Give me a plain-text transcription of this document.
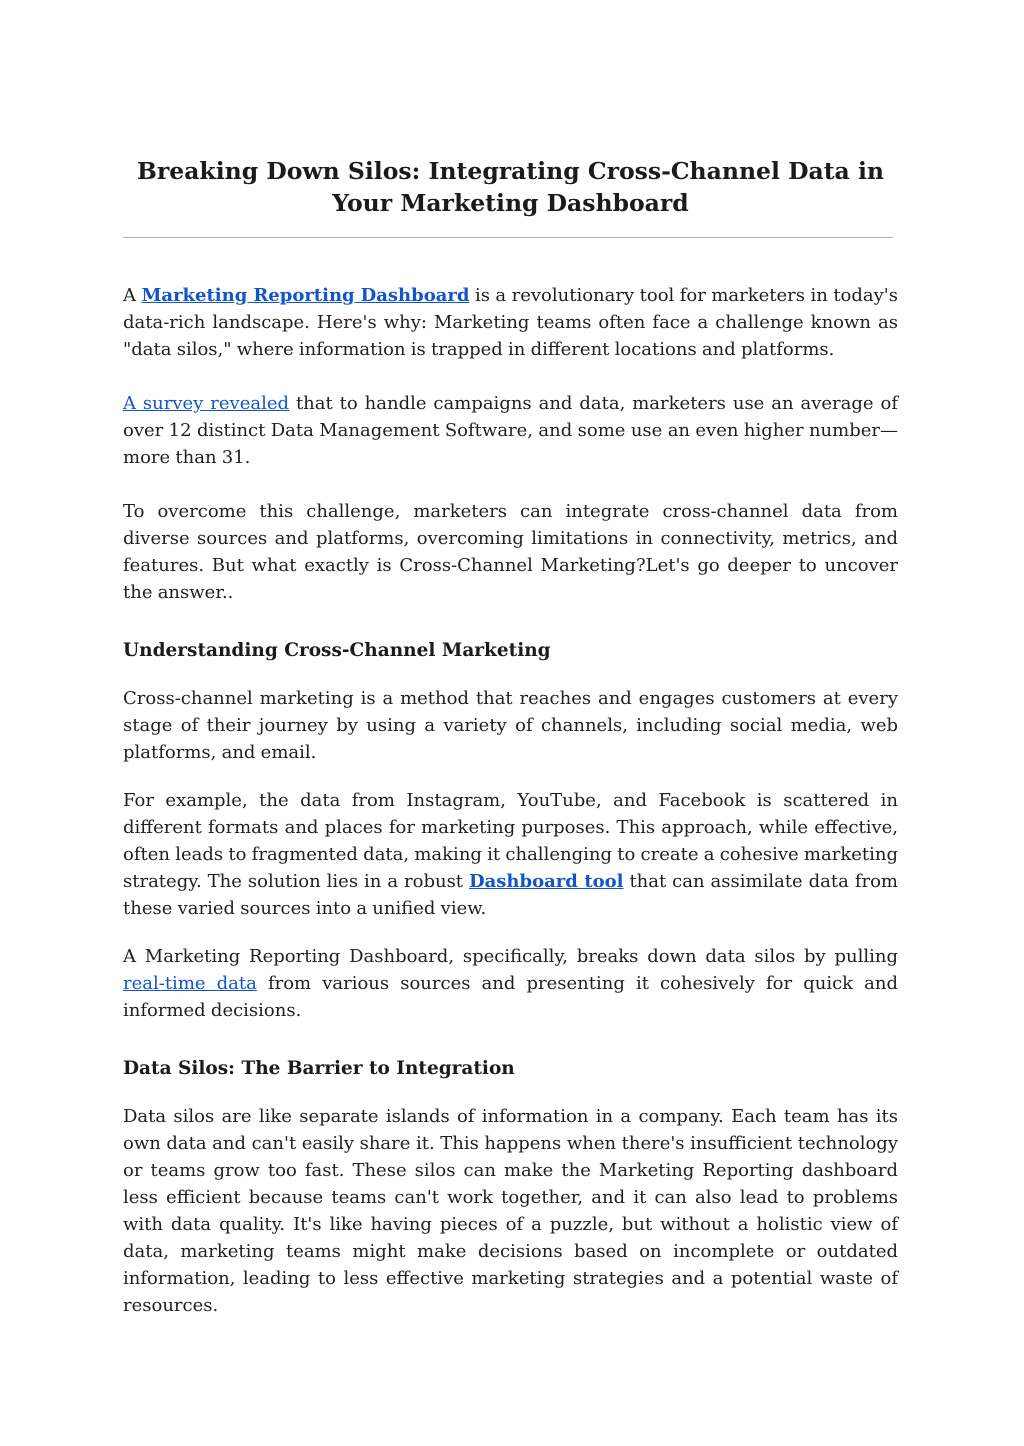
Breaking Down Silos: Integrating Cross-Channel Data in Your Marketing Dashboard

A Marketing Reporting Dashboard is a revolutionary tool for marketers in today's data-rich landscape. Here's why: Marketing teams often face a challenge known as "data silos," where information is trapped in different locations and platforms.

A survey revealed that to handle campaigns and data, marketers use an average of over 12 distinct Data Management Software, and some use an even higher number—more than 31.

To overcome this challenge, marketers can integrate cross-channel data from diverse sources and platforms, overcoming limitations in connectivity, metrics, and features. But what exactly is Cross-Channel Marketing?Let's go deeper to uncover the answer..

Understanding Cross-Channel Marketing

Cross-channel marketing is a method that reaches and engages customers at every stage of their journey by using a variety of channels, including social media, web platforms, and email.

For example, the data from Instagram, YouTube, and Facebook is scattered in different formats and places for marketing purposes. This approach, while effective, often leads to fragmented data, making it challenging to create a cohesive marketing strategy. The solution lies in a robust Dashboard tool that can assimilate data from these varied sources into a unified view.

A Marketing Reporting Dashboard, specifically, breaks down data silos by pulling real-time data from various sources and presenting it cohesively for quick and informed decisions.

Data Silos: The Barrier to Integration

Data silos are like separate islands of information in a company. Each team has its own data and can't easily share it. This happens when there's insufficient technology or teams grow too fast. These silos can make the Marketing Reporting dashboard less efficient because teams can't work together, and it can also lead to problems with data quality. It's like having pieces of a puzzle, but without a holistic view of data, marketing teams might make decisions based on incomplete or outdated information, leading to less effective marketing strategies and a potential waste of resources.
